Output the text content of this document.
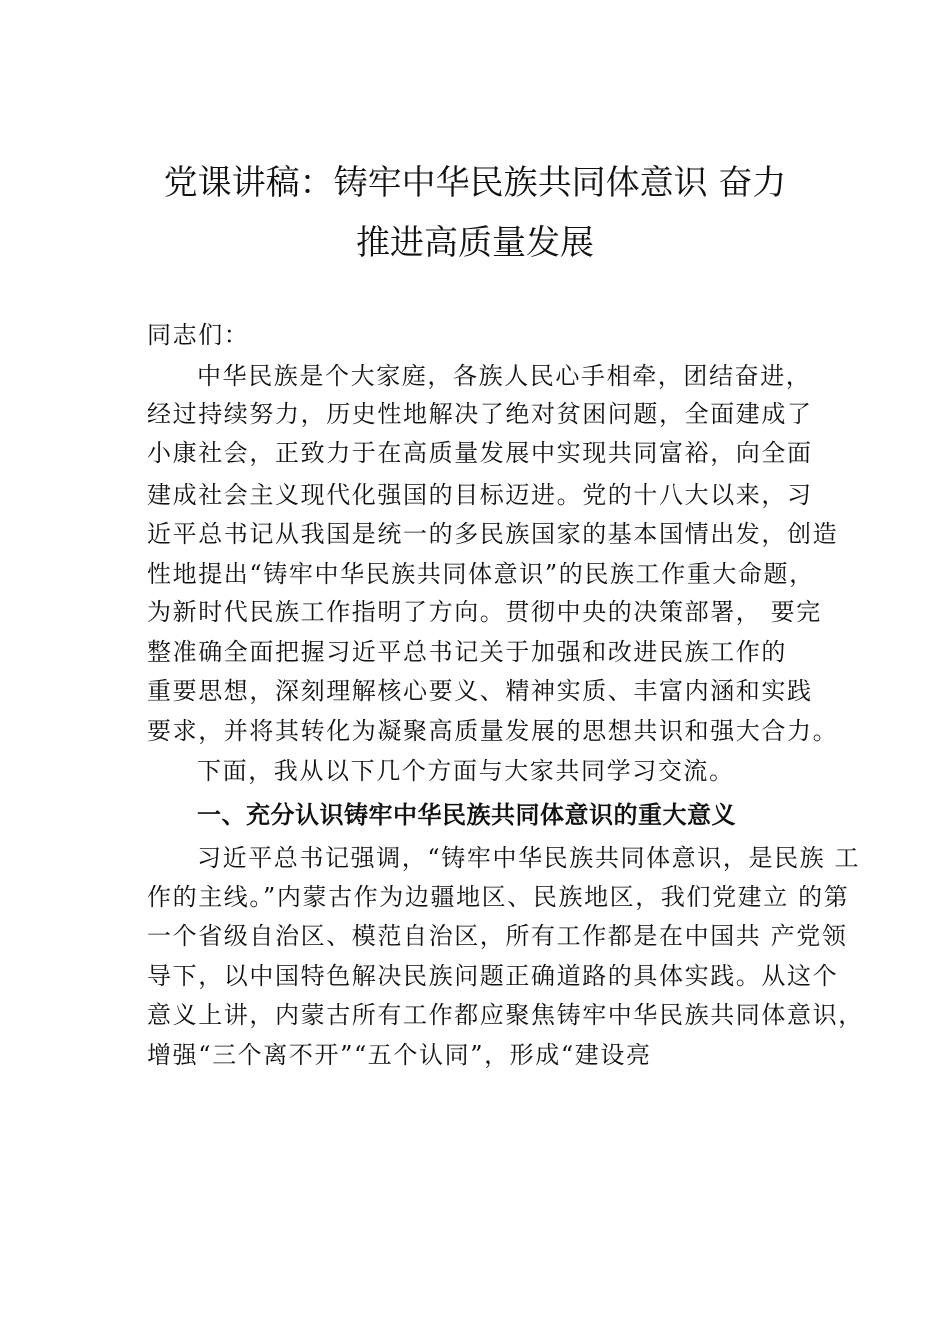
党课讲稿：铸牢中华民族共同体意识 奋力
推进高质量发展
同志们：
中华民族是个大家庭，各族人民心手相牵，团结奋进，
经过持续努力，历史性地解决了绝对贫困问题，全面建成了
小康社会，正致力于在高质量发展中实现共同富裕，向全面
建成社会主义现代化强国的目标迈进。党的十八大以来，习
近平总书记从我国是统一的多民族国家的基本国情出发，创造
性地提出“铸牢中华民族共同体意识”的民族工作重大命题，
为新时代民族工作指明了方向。贯彻中央的决策部署， 要完
整准确全面把握习近平总书记关于加强和改进民族工作的
重要思想，深刻理解核心要义、精神实质、丰富内涵和实践
要求，并将其转化为凝聚高质量发展的思想共识和强大合力。
下面，我从以下几个方面与大家共同学习交流。
一、充分认识铸牢中华民族共同体意识的重大意义
习近平总书记强调，“铸牢中华民族共同体意识，是民族 工
作的主线。”内蒙古作为边疆地区、民族地区，我们党建立 的第
一个省级自治区、模范自治区，所有工作都是在中国共 产党领
导下，以中国特色解决民族问题正确道路的具体实践。从这个
意义上讲，内蒙古所有工作都应聚焦铸牢中华民族共同体意识，
增强“三个离不开”“五个认同”，形成“建设亮
